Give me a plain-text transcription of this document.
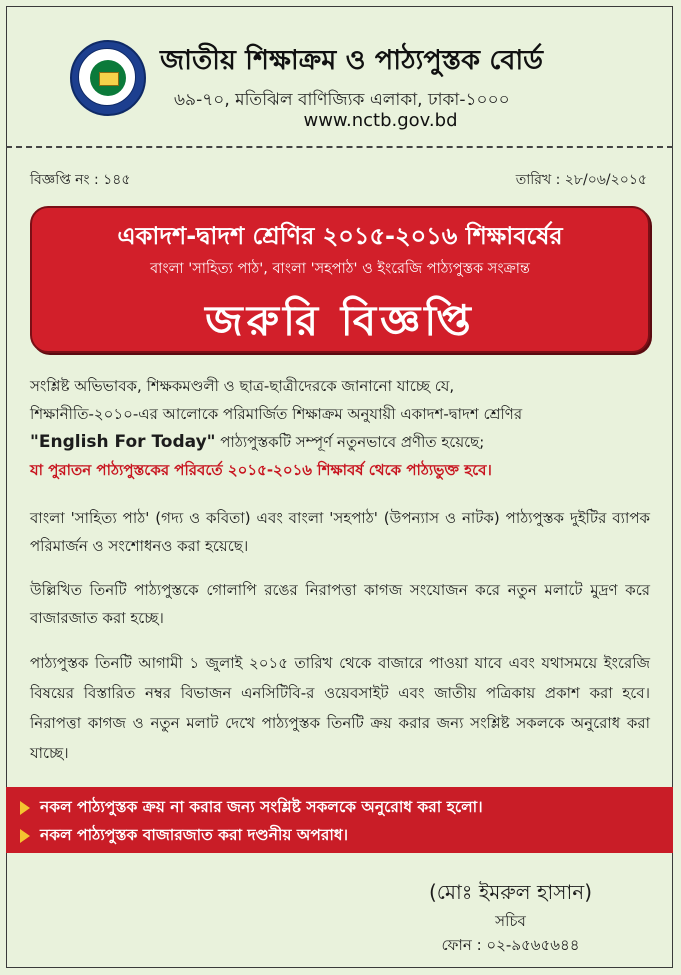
জাতীয় শিক্ষাক্রম ও পাঠ্যপুস্তক বোর্ড
৬৯-৭০, মতিঝিল বাণিজ্যিক এলাকা, ঢাকা-১০০০
www.nctb.gov.bd
বিজ্ঞপ্তি নং : ১৪৫	তারিখ : ২৮/০৬/২০১৫
একাদশ-দ্বাদশ শ্রেণির ২০১৫-২০১৬ শিক্ষাবর্ষের
বাংলা 'সাহিত্য পাঠ', বাংলা 'সহপাঠ' ও ইংরেজি পাঠ্যপুস্তক সংক্রান্ত
জরুরি বিজ্ঞপ্তি
সংশ্লিষ্ট অভিভাবক, শিক্ষকমণ্ডলী ও ছাত্র-ছাত্রীদেরকে জানানো যাচ্ছে যে,
শিক্ষানীতি-২০১০-এর আলোকে পরিমার্জিত শিক্ষাক্রম অনুযায়ী একাদশ-দ্বাদশ শ্রেণির
"English For Today" পাঠ্যপুস্তকটি সম্পূর্ণ নতুনভাবে প্রণীত হয়েছে;
যা পুরাতন পাঠ্যপুস্তকের পরিবর্তে ২০১৫-২০১৬ শিক্ষাবর্ষ থেকে পাঠ্যভুক্ত হবে।
বাংলা 'সাহিত্য পাঠ' (গদ্য ও কবিতা) এবং বাংলা 'সহপাঠ' (উপন্যাস ও নাটক) পাঠ্যপুস্তক দুইটির ব্যাপক পরিমার্জন ও সংশোধনও করা হয়েছে।
উল্লিখিত তিনটি পাঠ্যপুস্তকে গোলাপি রঙের নিরাপত্তা কাগজ সংযোজন করে নতুন মলাটে মুদ্রণ করে বাজারজাত করা হচ্ছে।
পাঠ্যপুস্তক তিনটি আগামী ১ জুলাই ২০১৫ তারিখ থেকে বাজারে পাওয়া যাবে এবং যথাসময়ে ইংরেজি বিষয়ের বিস্তারিত নম্বর বিভাজন এনসিটিবি-র ওয়েবসাইট এবং জাতীয় পত্রিকায় প্রকাশ করা হবে। নিরাপত্তা কাগজ ও নতুন মলাট দেখে পাঠ্যপুস্তক তিনটি ক্রয় করার জন্য সংশ্লিষ্ট সকলকে অনুরোধ করা যাচ্ছে।
নকল পাঠ্যপুস্তক ক্রয় না করার জন্য সংশ্লিষ্ট সকলকে অনুরোধ করা হলো।
নকল পাঠ্যপুস্তক বাজারজাত করা দণ্ডনীয় অপরাধ।
(মোঃ ইমরুল হাসান)
সচিব
ফোন : ০২-৯৫৬৫৬৪৪
